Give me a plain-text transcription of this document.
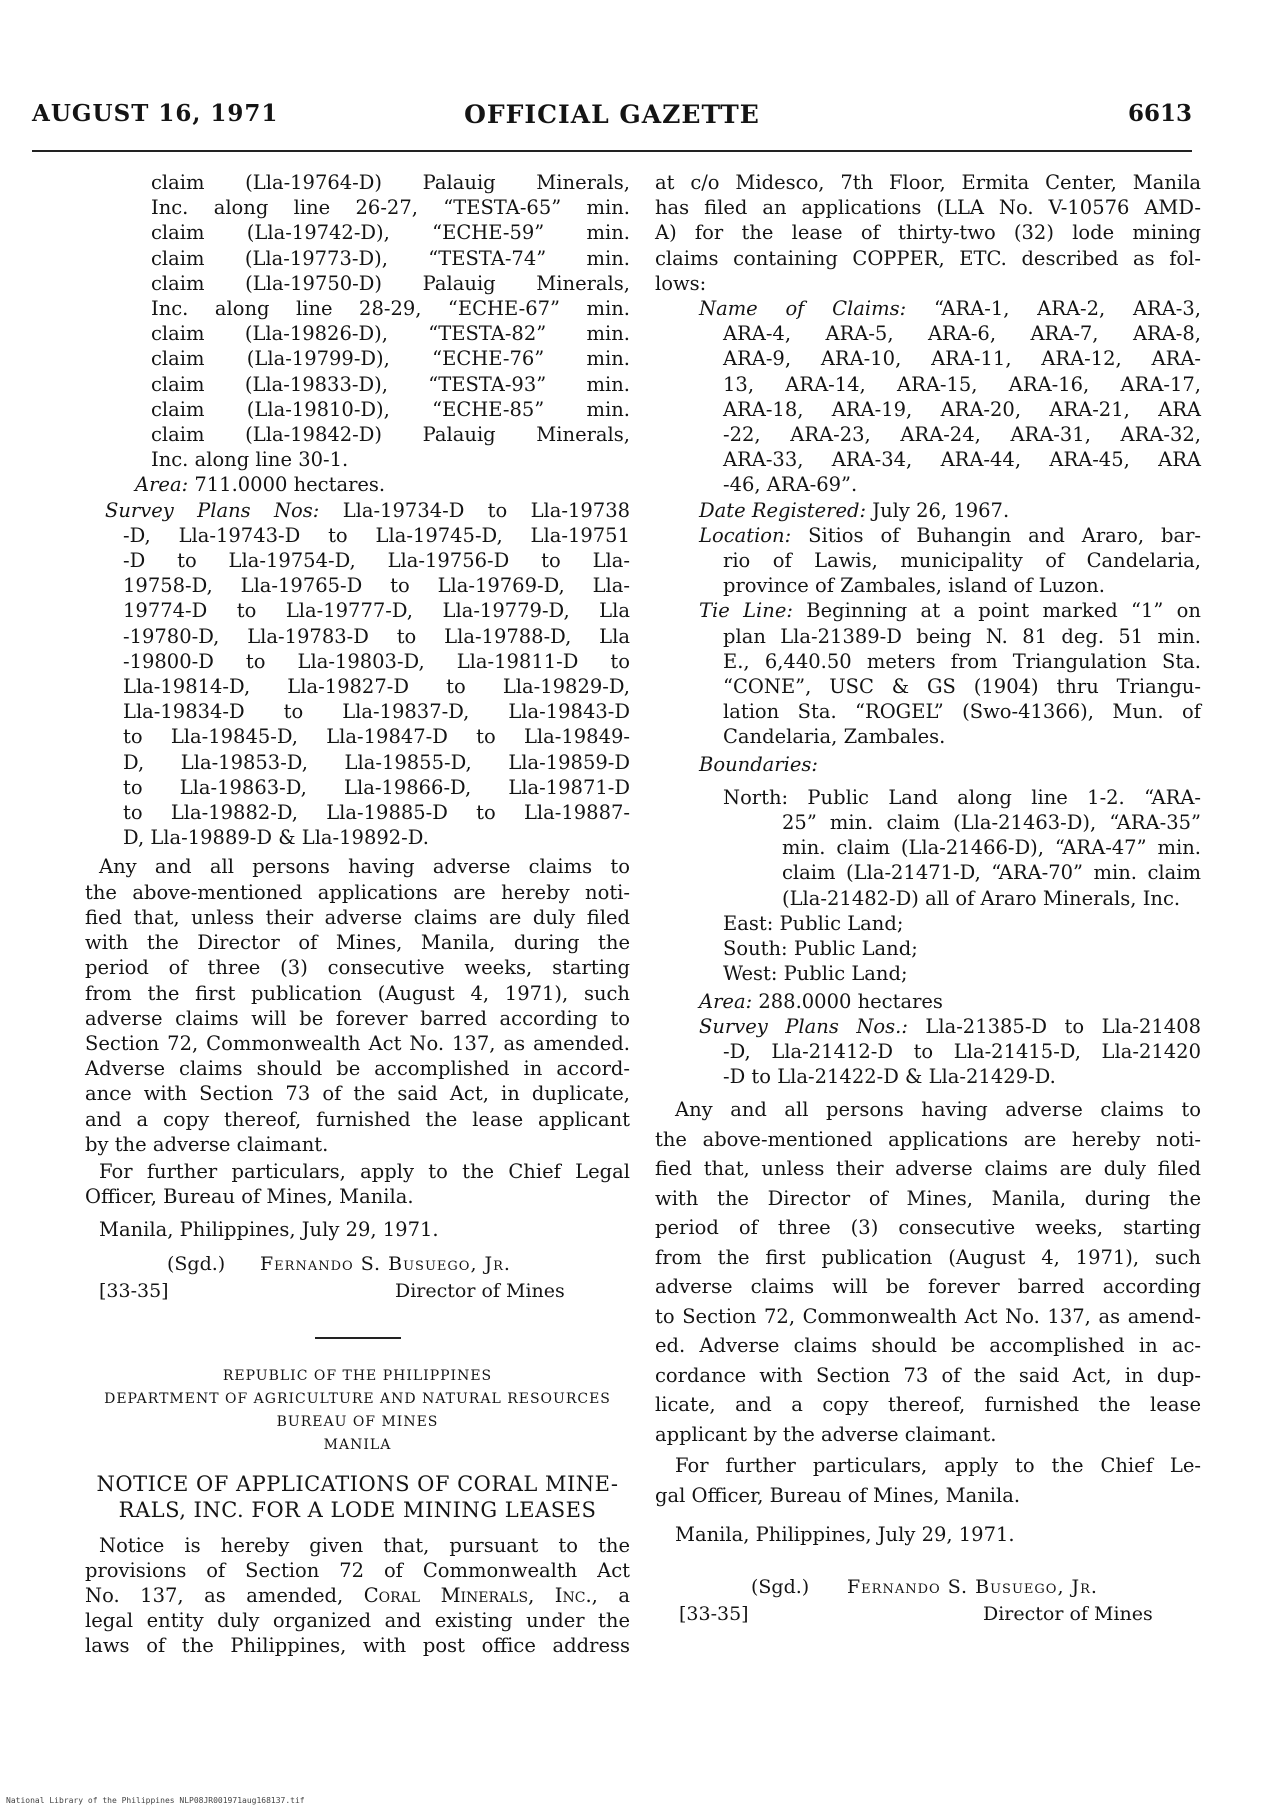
AUGUST 16, 1971	OFFICIAL GAZETTE	6613
claim (Lla-19764-D) Palauig Minerals,
Inc. along line 26-27, “TESTA-65” min.
claim (Lla-19742-D), “ECHE-59” min.
claim (Lla-19773-D), “TESTA-74” min.
claim (Lla-19750-D) Palauig Minerals,
Inc. along line 28-29, “ECHE-67” min.
claim (Lla-19826-D), “TESTA-82” min.
claim (Lla-19799-D), “ECHE-76” min.
claim (Lla-19833-D), “TESTA-93” min.
claim (Lla-19810-D), “ECHE-85” min.
claim (Lla-19842-D) Palauig Minerals,
Inc. along line 30-1.
Area: 711.0000 hectares.
Survey Plans Nos: Lla-19734-D to Lla-19738
-D, Lla-19743-D to Lla-19745-D, Lla-19751
-D to Lla-19754-D, Lla-19756-D to Lla-
19758-D, Lla-19765-D to Lla-19769-D, Lla-
19774-D to Lla-19777-D, Lla-19779-D, Lla
-19780-D, Lla-19783-D to Lla-19788-D, Lla
-19800-D to Lla-19803-D, Lla-19811-D to
Lla-19814-D, Lla-19827-D to Lla-19829-D,
Lla-19834-D to Lla-19837-D, Lla-19843-D
to Lla-19845-D, Lla-19847-D to Lla-19849-
D, Lla-19853-D, Lla-19855-D, Lla-19859-D
to Lla-19863-D, Lla-19866-D, Lla-19871-D
to Lla-19882-D, Lla-19885-D to Lla-19887-
D, Lla-19889-D & Lla-19892-D.
Any and all persons having adverse claims to
the above-mentioned applications are hereby noti-
fied that, unless their adverse claims are duly filed
with the Director of Mines, Manila, during the
period of three (3) consecutive weeks, starting
from the first publication (August 4, 1971), such
adverse claims will be forever barred according to
Section 72, Commonwealth Act No. 137, as amended.
Adverse claims should be accomplished in accord-
ance with Section 73 of the said Act, in duplicate,
and a copy thereof, furnished the lease applicant
by the adverse claimant.
For further particulars, apply to the Chief Legal
Officer, Bureau of Mines, Manila.
Manila, Philippines, July 29, 1971.
(Sgd.) Fernando S. Busuego, Jr.
[33-35]	Director of Mines
REPUBLIC OF THE PHILIPPINES
DEPARTMENT OF AGRICULTURE AND NATURAL RESOURCES
BUREAU OF MINES
MANILA
NOTICE OF APPLICATIONS OF CORAL MINE-
RALS, INC. FOR A LODE MINING LEASES
Notice is hereby given that, pursuant to the
provisions of Section 72 of Commonwealth Act
No. 137, as amended, Coral Minerals, Inc., a
legal entity duly organized and existing under the
laws of the Philippines, with post office address
at c/o Midesco, 7th Floor, Ermita Center, Manila
has filed an applications (LLA No. V-10576 AMD-
A) for the lease of thirty-two (32) lode mining
claims containing COPPER, ETC. described as fol-
lows:
Name of Claims: “ARA-1, ARA-2, ARA-3,
ARA-4, ARA-5, ARA-6, ARA-7, ARA-8,
ARA-9, ARA-10, ARA-11, ARA-12, ARA-
13, ARA-14, ARA-15, ARA-16, ARA-17,
ARA-18, ARA-19, ARA-20, ARA-21, ARA
-22, ARA-23, ARA-24, ARA-31, ARA-32,
ARA-33, ARA-34, ARA-44, ARA-45, ARA
-46, ARA-69”.
Date Registered: July 26, 1967.
Location: Sitios of Buhangin and Araro, bar-
rio of Lawis, municipality of Candelaria,
province of Zambales, island of Luzon.
Tie Line: Beginning at a point marked “1” on
plan Lla-21389-D being N. 81 deg. 51 min.
E., 6,440.50 meters from Triangulation Sta.
“CONE”, USC & GS (1904) thru Triangu-
lation Sta. “ROGEL” (Swo-41366), Mun. of
Candelaria, Zambales.
Boundaries:
North: Public Land along line 1-2. “ARA-
25” min. claim (Lla-21463-D), “ARA-35”
min. claim (Lla-21466-D), “ARA-47” min.
claim (Lla-21471-D, “ARA-70” min. claim
(Lla-21482-D) all of Araro Minerals, Inc.
East: Public Land;
South: Public Land;
West: Public Land;
Area: 288.0000 hectares
Survey Plans Nos.: Lla-21385-D to Lla-21408
-D, Lla-21412-D to Lla-21415-D, Lla-21420
-D to Lla-21422-D & Lla-21429-D.
Any and all persons having adverse claims to
the above-mentioned applications are hereby noti-
fied that, unless their adverse claims are duly filed
with the Director of Mines, Manila, during the
period of three (3) consecutive weeks, starting
from the first publication (August 4, 1971), such
adverse claims will be forever barred according
to Section 72, Commonwealth Act No. 137, as amend-
ed. Adverse claims should be accomplished in ac-
cordance with Section 73 of the said Act, in dup-
licate, and a copy thereof, furnished the lease
applicant by the adverse claimant.
For further particulars, apply to the Chief Le-
gal Officer, Bureau of Mines, Manila.
Manila, Philippines, July 29, 1971.
(Sgd.) Fernando S. Busuego, Jr.
[33-35]	Director of Mines
National Library of the Philippines NLP08JR001971aug168137.tif
